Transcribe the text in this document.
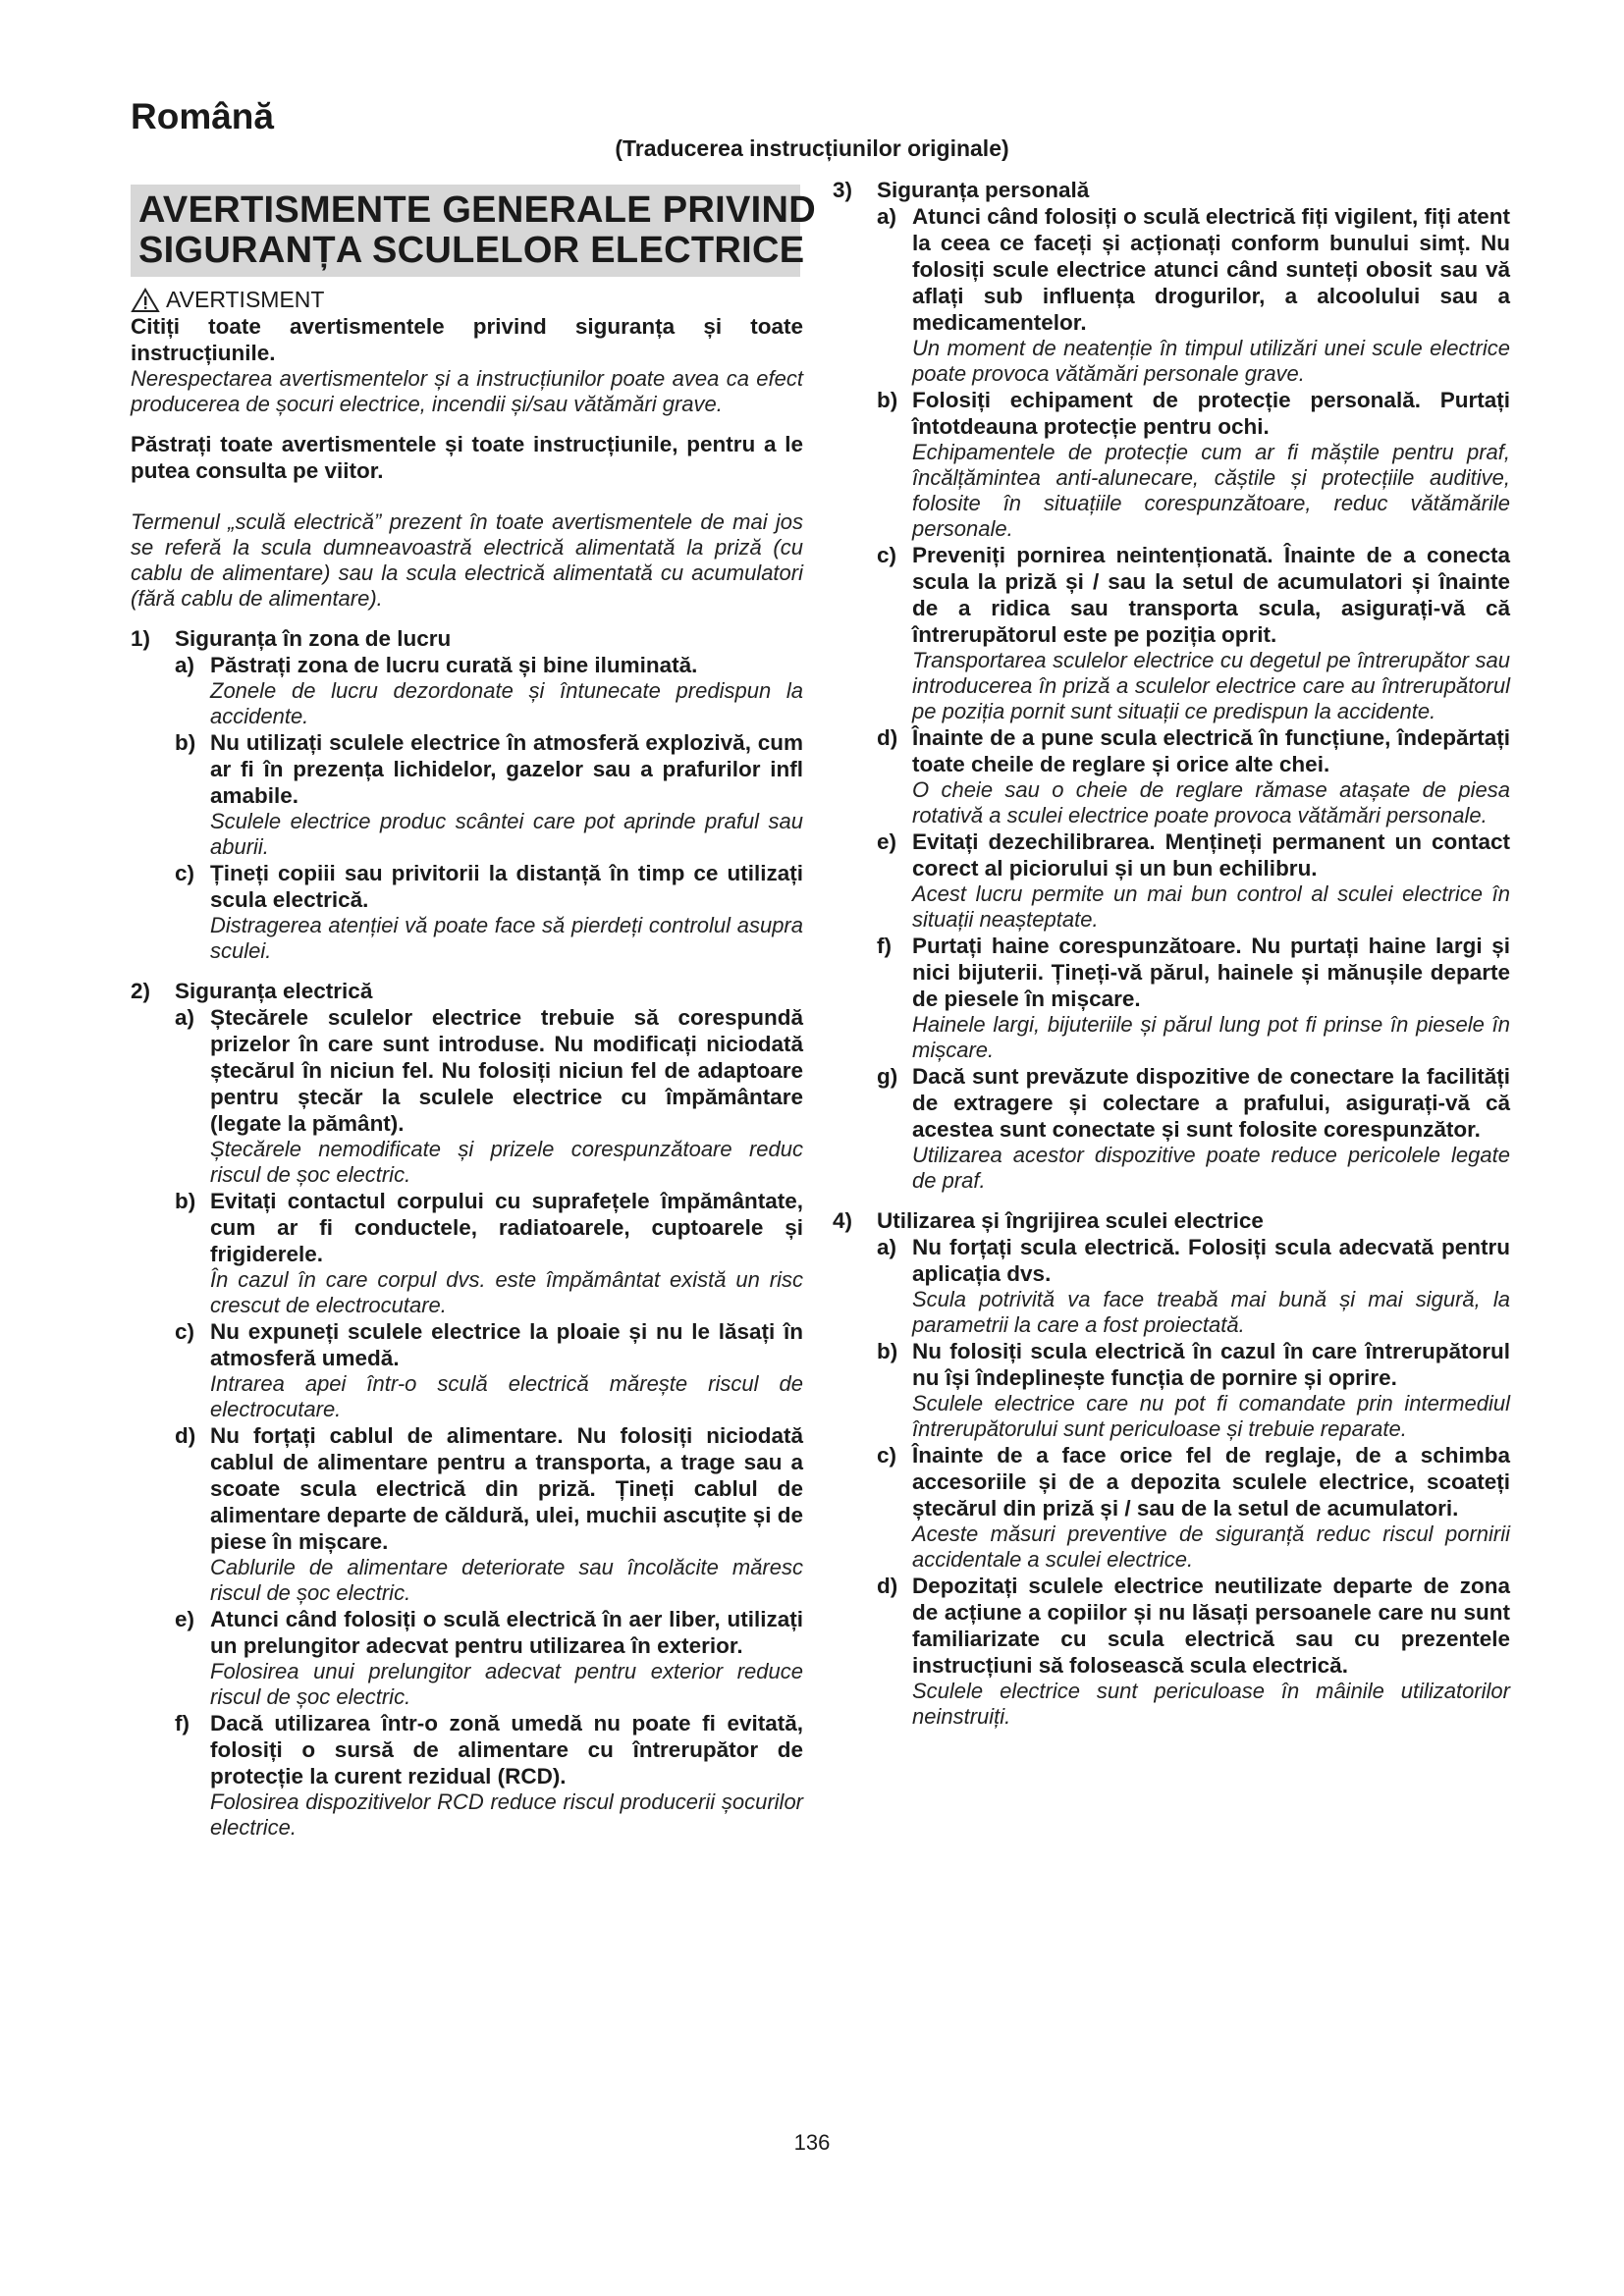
Română
(Traducerea instrucțiunilor originale)
AVERTISMENTE GENERALE PRIVIND
SIGURANȚA SCULELOR ELECTRICE
AVERTISMENT

Citiți toate avertismentele privind siguranța și toate instrucțiunile.

Nerespectarea avertismentelor și a instrucțiunilor poate avea ca efect producerea de șocuri electrice, incendii și/sau vătămări grave.

Păstrați toate avertismentele și toate instrucțiunile, pentru a le putea consulta pe viitor.

Termenul „sculă electrică” prezent în toate avertismentele de mai jos se referă la scula dumneavoastră electrică alimentată la priză (cu cablu de alimentare) sau la scula electrică alimentată cu acumulatori (fără cablu de alimentare).

1)	Siguranța în zona de lucru
a) Păstrați zona de lucru curată și bine iluminată.

Zonele de lucru dezordonate și întunecate predispun la accidente.

b) Nu utilizați sculele electrice în atmosferă explozivă, cum ar fi în prezența lichidelor, gazelor sau a prafurilor infl amabile.

Sculele electrice produc scântei care pot aprinde praful sau aburii.

c) Țineți copiii sau privitorii la distanță în timp ce utilizați scula electrică.

Distragerea atenției vă poate face să pierdeți controlul asupra sculei.

2)	Siguranța electrică
a) Ștecărele sculelor electrice trebuie să corespundă prizelor în care sunt introduse. Nu modificați niciodată ștecărul în niciun fel. Nu folosiți niciun fel de adaptoare pentru ștecăr la sculele electrice cu împământare (legate la pământ).

Ștecărele nemodificate și prizele corespunzătoare reduc riscul de șoc electric.

b) Evitați contactul corpului cu suprafețele împământate, cum ar fi conductele, radiatoarele, cuptoarele și frigiderele.

În cazul în care corpul dvs. este împământat există un risc crescut de electrocutare.

c) Nu expuneți sculele electrice la ploaie și nu le lăsați în atmosferă umedă.

Intrarea apei într-o sculă electrică mărește riscul de electrocutare.

d) Nu forțați cablul de alimentare. Nu folosiți niciodată cablul de alimentare pentru a transporta, a trage sau a scoate scula electrică din priză. Țineți cablul de alimentare departe de căldură, ulei, muchii ascuțite și de piese în mișcare.

Cablurile de alimentare deteriorate sau încolăcite măresc riscul de șoc electric.

e) Atunci când folosiți o sculă electrică în aer liber, utilizați un prelungitor adecvat pentru utilizarea în exterior.

Folosirea unui prelungitor adecvat pentru exterior reduce riscul de șoc electric.

f) Dacă utilizarea într-o zonă umedă nu poate fi evitată, folosiți o sursă de alimentare cu întrerupător de protecție la curent rezidual (RCD).

Folosirea dispozitivelor RCD reduce riscul producerii șocurilor electrice.

3)	Siguranța personală
a) Atunci când folosiți o sculă electrică fiți vigilent, fiți atent la ceea ce faceți și acționați conform bunului simț. Nu folosiți scule electrice atunci când sunteți obosit sau vă aflați sub influența drogurilor, a alcoolului sau a medicamentelor.

Un moment de neatenție în timpul utilizări unei scule electrice poate provoca vătămări personale grave.

b) Folosiți echipament de protecție personală. Purtați întotdeauna protecție pentru ochi.

Echipamentele de protecție cum ar fi măștile pentru praf, încălțămintea anti-alunecare, căștile și protecțiile auditive, folosite în situațiile corespunzătoare, reduc vătămările personale.

c) Preveniți pornirea neintenționată. Înainte de a conecta scula la priză și / sau la setul de acumulatori și înainte de a ridica sau transporta scula, asigurați-vă că întrerupătorul este pe poziția oprit.

Transportarea sculelor electrice cu degetul pe întrerupător sau introducerea în priză a sculelor electrice care au întrerupătorul pe poziția pornit sunt situații ce predispun la accidente.

d) Înainte de a pune scula electrică în funcțiune, îndepărtați toate cheile de reglare și orice alte chei.

O cheie sau o cheie de reglare rămase atașate de piesa rotativă a sculei electrice poate provoca vătămări personale.

e) Evitați dezechilibrarea. Mențineți permanent un contact corect al piciorului și un bun echilibru.

Acest lucru permite un mai bun control al sculei electrice în situații neașteptate.

f) Purtați haine corespunzătoare. Nu purtați haine largi și nici bijuterii. Țineți-vă părul, hainele și mănușile departe de piesele în mișcare.

Hainele largi, bijuteriile și părul lung pot fi prinse în piesele în mișcare.

g) Dacă sunt prevăzute dispozitive de conectare la facilități de extragere și colectare a prafului, asigurați-vă că acestea sunt conectate și sunt folosite corespunzător.

Utilizarea acestor dispozitive poate reduce pericolele legate de praf.

4)	Utilizarea și îngrijirea sculei electrice
a) Nu forțați scula electrică. Folosiți scula adecvată pentru aplicația dvs.

Scula potrivită va face treabă mai bună și mai sigură, la parametrii la care a fost proiectată.

b) Nu folosiți scula electrică în cazul în care întrerupătorul nu își îndeplinește funcția de pornire și oprire.

Sculele electrice care nu pot fi comandate prin intermediul întrerupătorului sunt periculoase și trebuie reparate.

c) Înainte de a face orice fel de reglaje, de a schimba accesoriile și de a depozita sculele electrice, scoateți ștecărul din priză și / sau de la setul de acumulatori.

Aceste măsuri preventive de siguranță reduc riscul pornirii accidentale a sculei electrice.

d) Depozitați sculele electrice neutilizate departe de zona de acțiune a copiilor și nu lăsați persoanele care nu sunt familiarizate cu scula electrică sau cu prezentele instrucțiuni să folosească scula electrică.

Sculele electrice sunt periculoase în mâinile utilizatorilor neinstruiți.

136
